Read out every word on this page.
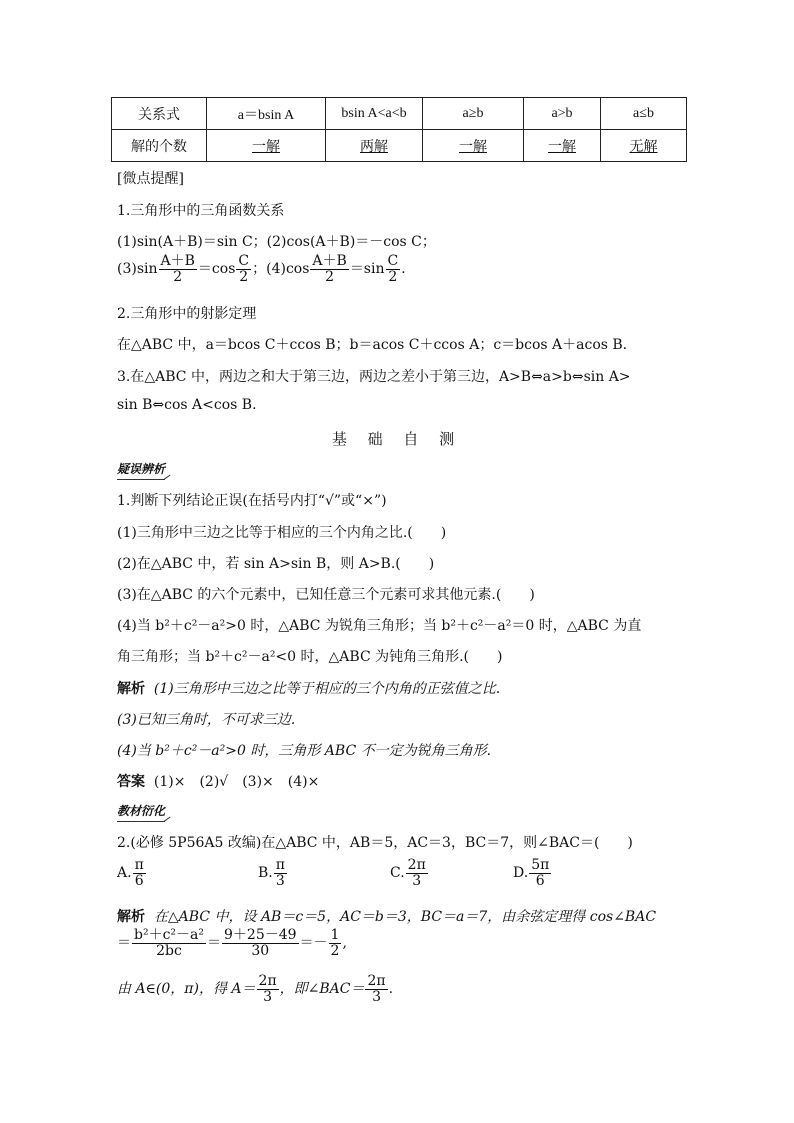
关系式	a＝bsin A	bsin A<a<b	a≥b	a>b	a≤b
解的个数	一解	两解	一解	一解	无解
[微点提醒]
1.三角形中的三角函数关系
(1)sin(A＋B)＝sin C；(2)cos(A＋B)＝－cos C；
$(3)\sin \frac{A+B}{2} =\cos \frac{C}{2}$ ；$(4)\cos \frac{A+B}{2} =\sin \frac{C}{2}$ .
2.三角形中的射影定理
在△ABC 中，a＝bcos C＋ccos B；b＝acos C＋ccos A；c＝bcos A＋acos B.
3.在△ABC 中，两边之和大于第三边，两边之差小于第三边，A>B⇔a>b⇔sin A>
sin B⇔cos A<cos B.
基 础 自 测
疑误辨析
1.判断下列结论正误(在括号内打“√”或“×”)
(1)三角形中三边之比等于相应的三个内角之比.(　　)
(2)在△ABC 中，若 sin A>sin B，则 A>B.(　　)
(3)在△ABC 的六个元素中，已知任意三个元素可求其他元素.(　　)
(4)当 b²＋c²－a²>0 时，△ABC 为锐角三角形；当 b²＋c²－a²＝0 时，△ABC 为直
角三角形；当 b²＋c²－a²<0 时，△ABC 为钝角三角形.(　　)
解析 (1)三角形中三边之比等于相应的三个内角的正弦值之比.
(3)已知三角时，不可求三边.
(4)当 b²＋c²－a²>0 时，三角形 ABC 不一定为锐角三角形.
答案 (1)×　(2)√　(3)×　(4)×
教材衍化
2.(必修 5P56A5 改编)在△ABC 中，AB＝5，AC＝3，BC＝7，则∠BAC＝(　　)
A. $\frac{\pi}{6}$	B. $\frac{\pi}{3}$	C. $\frac{2\pi}{3}$	D. $\frac{5\pi}{6}$
解析 在△ABC 中，设 AB＝c＝5，AC＝b＝3，BC＝a＝7，由余弦定理得 cos∠BAC
＝ $\frac{\text{b²＋c²－a²}}{2bc} = \frac{9+25-49}{30} =- \frac{1}{2}$ ,
由 A∈(0，π)，得 $A= \frac{2\pi}{3}$ ，即∠BAC＝ $\frac{2\pi}{3}$ .
